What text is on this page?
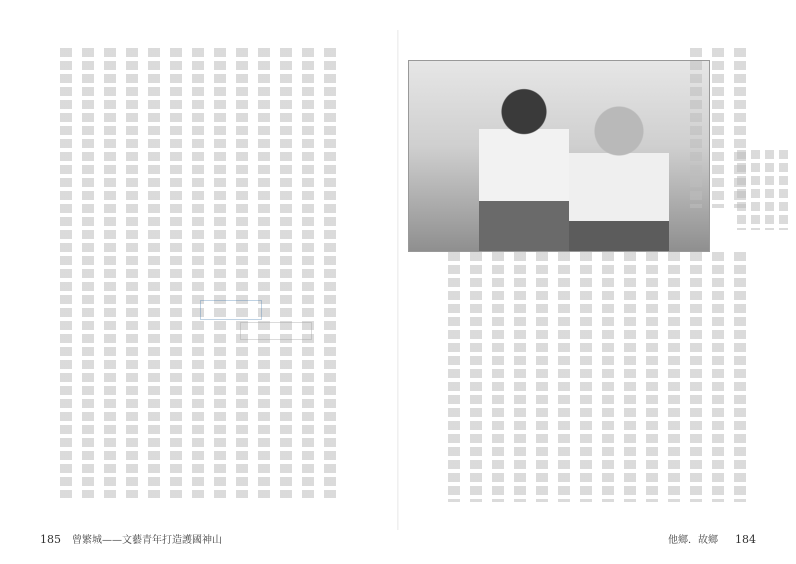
185 曾繁城——文藝青年打造護國神山	他鄉．故鄉 184
